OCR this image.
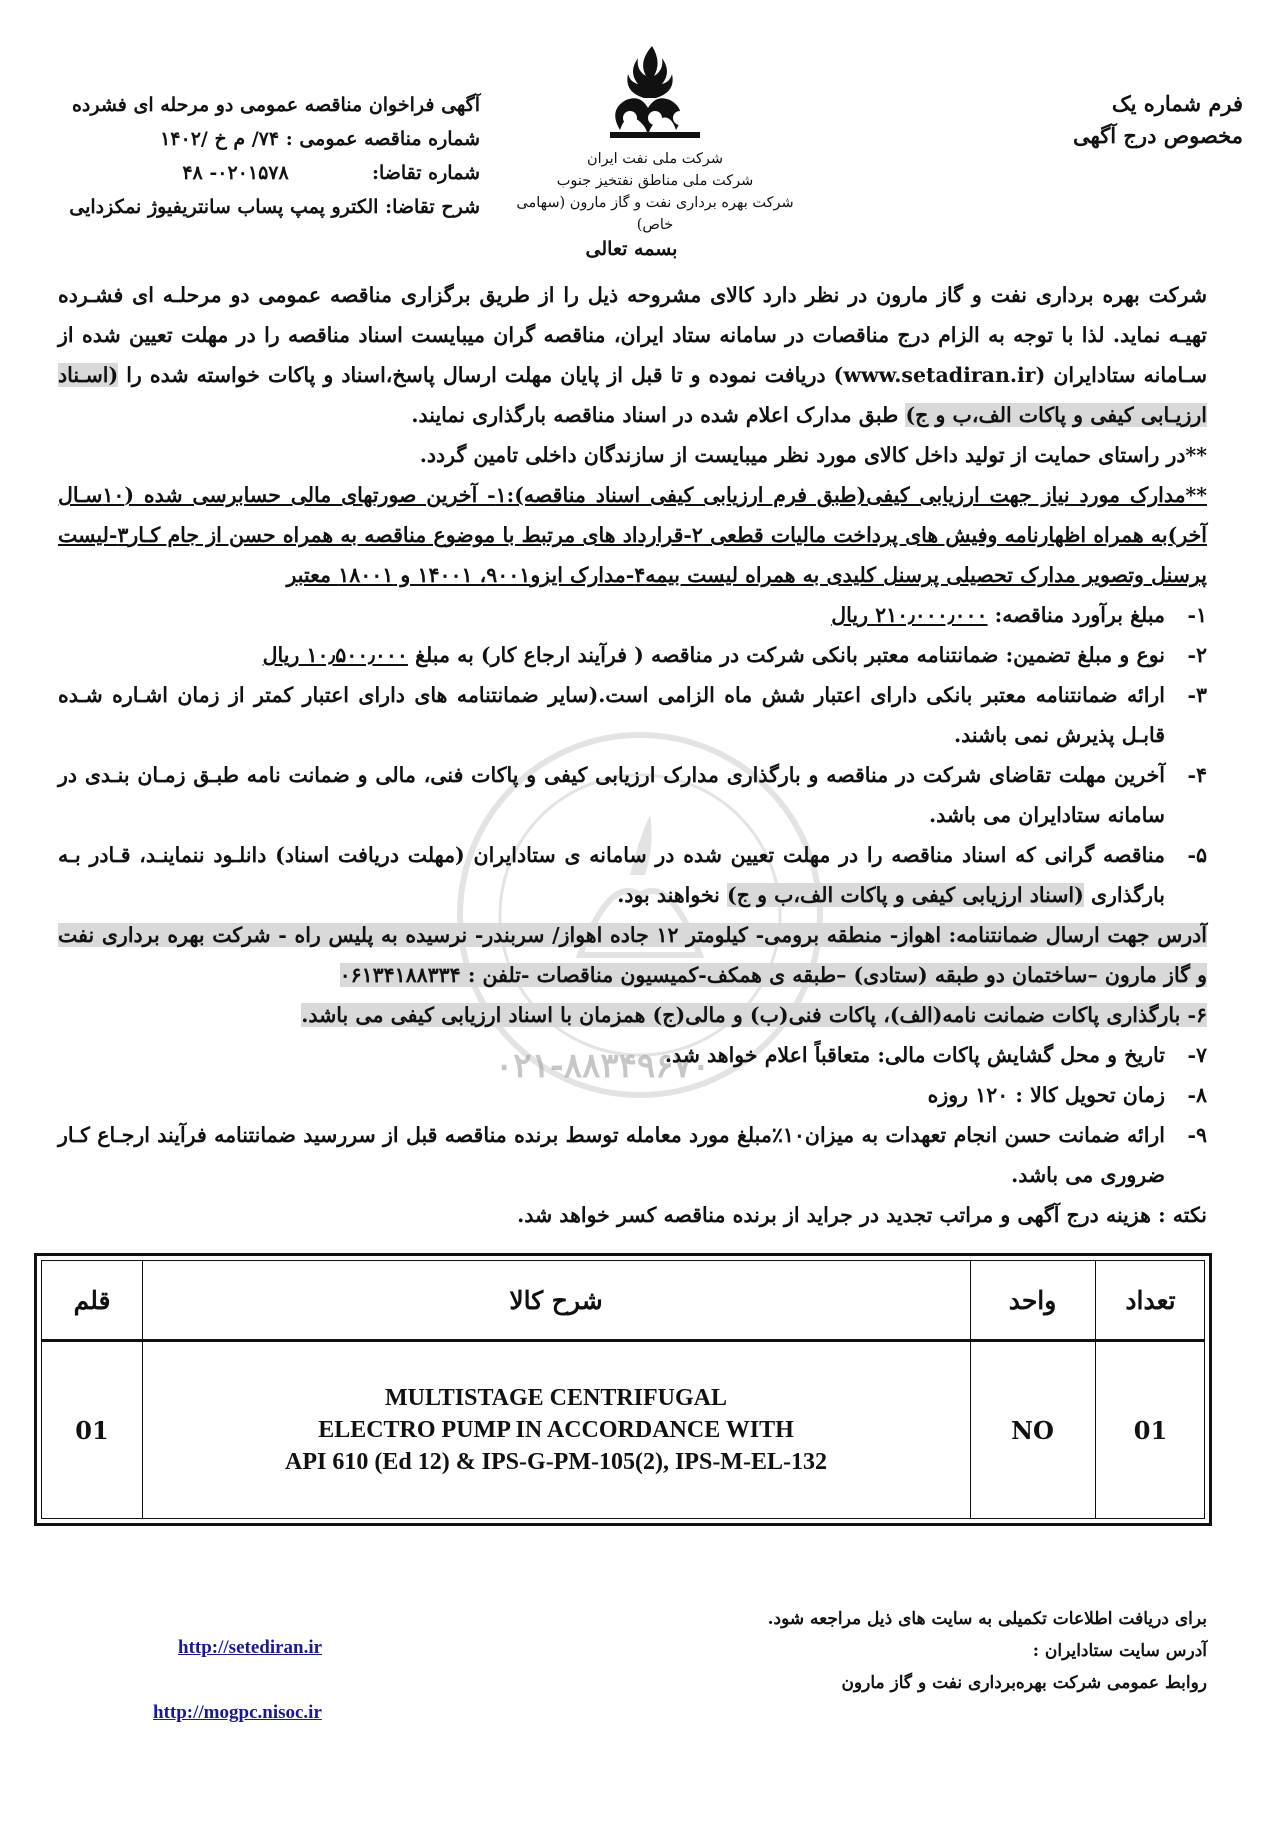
۰۲۱-۸۸۳۴۹۶۷۰
فرم شماره یک
مخصوص درج آگهی
شرکت ملی نفت ایران
شرکت ملی مناطق نفتخیز جنوب
شرکت بهره برداری نفت و گاز مارون (سهامی خاص)
آگهی فراخوان مناقصه عمومی دو مرحله ای فشرده
شماره مناقصه عمومی : ۷۴/ م خ /۱۴۰۲
شماره تقاضا:  ۰۲۰۱۵۷۸- ۴۸
شرح تقاضا: الکترو پمپ پساب سانتریفیوژ نمکزدایی
بسمه تعالی

شرکت بهره برداری نفت و گاز مارون در نظر دارد کالای مشروحه ذیل را از طریق برگزاری مناقصه عمومی دو مرحلـه ای فشـرده تهیـه نماید. لذا با توجه به الزام درج مناقصات در سامانه ستاد ایران، مناقصه گران میبایست اسناد مناقصه را در مهلت تعیین شده از سـامانه ستادایران (www.setadiran.ir) دریافت نموده و تا قبل از پایان مهلت ارسال پاسخ،اسناد و پاکات خواسته شده را (اسـناد ارزیـابی کیفی و پاکات الف،ب و ج) طبق مدارک اعلام شده در اسناد مناقصه بارگذاری نمایند.

**در راستای حمایت از تولید داخل کالای مورد نظر میبایست از سازندگان داخلی تامین گردد.

**مدارک مورد نیاز جهت ارزیابی کیفی(طبق فرم ارزیابی کیفی اسناد مناقصه):۱- آخرین صورتهای مالی حسابرسی شده (۱۰سـال آخر)به همراه اظهارنامه وفیش های پرداخت مالیات قطعی ۲-قرارداد های مرتبط با موضوع مناقصه به همراه حسن از جام کـار۳-لیست پرسنل وتصویر مدارک تحصیلی پرسنل کلیدی به همراه لیست بیمه۴-مدارک ایزو۹۰۰۱، ۱۴۰۰۱ و ۱۸۰۰۱ معتبر

۱-
مبلغ برآورد مناقصه: ۲۱۰٫۰۰۰٫۰۰۰ ریال
۲-
نوع و مبلغ تضمین: ضمانتنامه معتبر بانکی شرکت در مناقصه ( فرآیند ارجاع کار) به مبلغ ۱۰٫۵۰۰٫۰۰۰ ریال
۳-
ارائه ضمانتنامه معتبر بانکی دارای اعتبار شش ماه الزامی است.(سایر ضمانتنامه های دارای اعتبار کمتر از زمان اشـاره شـده قابـل پذیرش نمی باشند.
۴-
آخرین مهلت تقاضای شرکت در مناقصه و بارگذاری مدارک ارزیابی کیفی و پاکات فنی، مالی و ضمانت نامه طبـق زمـان بنـدی در سامانه ستادایران می باشد.
۵-
مناقصه گرانی که اسناد مناقصه را در مهلت تعیین شده در سامانه ی ستادایران (مهلت دریافت اسناد) دانلـود ننماینـد، قـادر بـه بارگذاری (اسناد ارزیابی کیفی و پاکات الف،ب و ج) نخواهند بود.

آدرس جهت ارسال ضمانتنامه: اهواز- منطقه برومی- کیلومتر ۱۲ جاده اهواز/ سربندر- نرسیده به پلیس راه - شرکت بهره برداری نفت و گاز مارون –ساختمان دو طبقه (ستادی) –طبقه ی همکف-کمیسیون مناقصات -تلفن : ۰۶۱۳۴۱۸۸۳۳۴

۶- بارگذاری پاکات ضمانت نامه(الف)، پاکات فنی(ب) و مالی(ج) همزمان با اسناد ارزیابی کیفی می باشد.

۷-
تاریخ و محل گشایش پاکات مالی: متعاقباً اعلام خواهد شد.
۸-
زمان تحویل کالا : ۱۲۰ روزه
۹-
ارائه ضمانت حسن انجام تعهدات به میزان۱۰٪مبلغ مورد معامله توسط برنده مناقصه قبل از سررسید ضمانتنامه فرآیند ارجـاع کـار ضروری می باشد.

نکته : هزینه درج آگهی و مراتب تجدید در جراید از برنده مناقصه کسر خواهد شد.

قلم	شرح کالا	واحد	تعداد
01
MULTISTAGE CENTRIFUGAL
ELECTRO PUMP IN ACCORDANCE WITH
API 610 (Ed 12) & IPS-G-PM-105(2), IPS-M-EL-132
NO	01
برای دریافت اطلاعات تکمیلی به سایت های ذیل مراجعه شود.
آدرس سایت ستادایران :
روابط عمومی شرکت بهره‌برداری نفت و گاز مارون
http://setediran.ir
http://mogpc.nisoc.ir
